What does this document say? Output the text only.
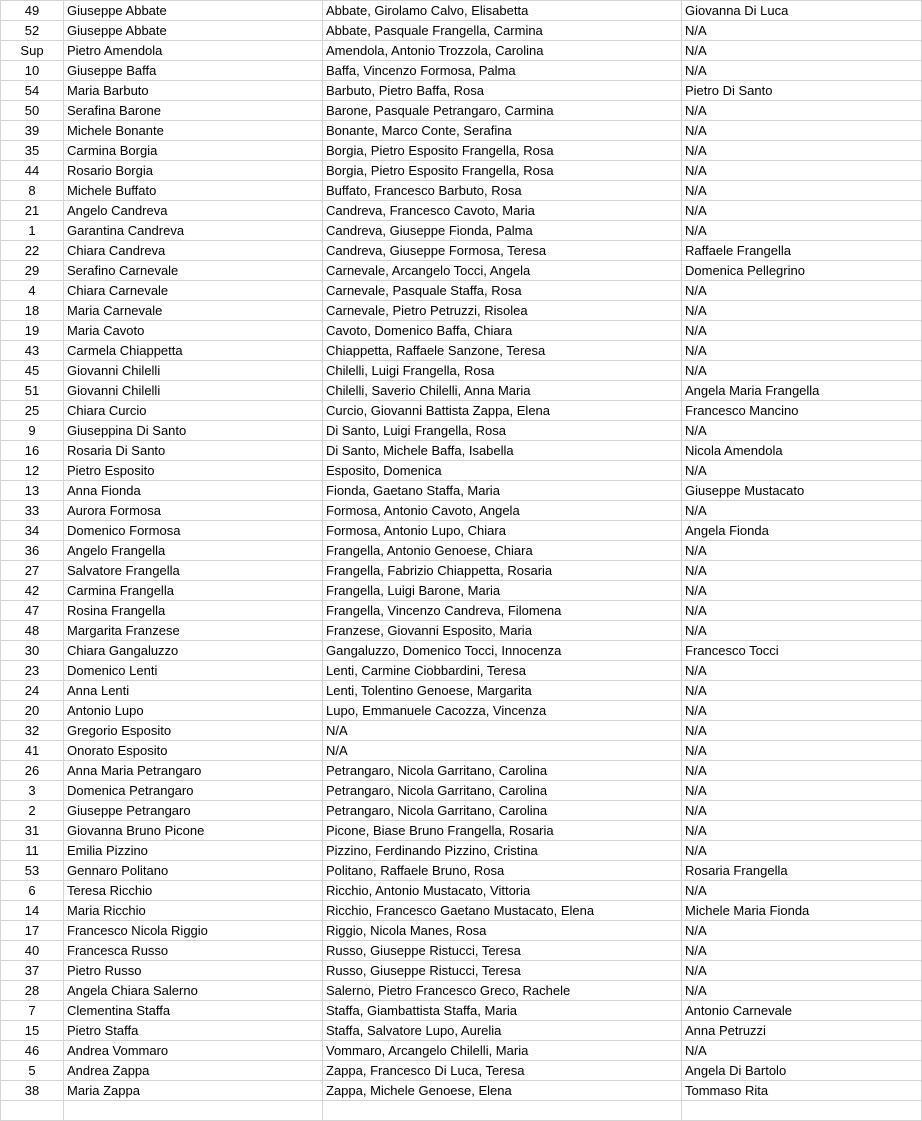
49	Giuseppe Abbate	Abbate, Girolamo Calvo, Elisabetta	Giovanna Di Luca
52	Giuseppe Abbate	Abbate, Pasquale Frangella, Carmina	N/A
Sup	Pietro Amendola	Amendola, Antonio Trozzola, Carolina	N/A
10	Giuseppe Baffa	Baffa, Vincenzo Formosa, Palma	N/A
54	Maria Barbuto	Barbuto, Pietro Baffa, Rosa	Pietro Di Santo
50	Serafina Barone	Barone, Pasquale Petrangaro, Carmina	N/A
39	Michele Bonante	Bonante, Marco Conte, Serafina	N/A
35	Carmina Borgia	Borgia, Pietro Esposito Frangella, Rosa	N/A
44	Rosario Borgia	Borgia, Pietro Esposito Frangella, Rosa	N/A
8	Michele Buffato	Buffato, Francesco Barbuto, Rosa	N/A
21	Angelo Candreva	Candreva, Francesco Cavoto, Maria	N/A
1	Garantina Candreva	Candreva, Giuseppe Fionda, Palma	N/A
22	Chiara Candreva	Candreva, Giuseppe Formosa, Teresa	Raffaele Frangella
29	Serafino Carnevale	Carnevale, Arcangelo Tocci, Angela	Domenica Pellegrino
4	Chiara Carnevale	Carnevale, Pasquale Staffa, Rosa	N/A
18	Maria Carnevale	Carnevale, Pietro Petruzzi, Risolea	N/A
19	Maria Cavoto	Cavoto, Domenico Baffa, Chiara	N/A
43	Carmela Chiappetta	Chiappetta, Raffaele Sanzone, Teresa	N/A
45	Giovanni Chilelli	Chilelli, Luigi Frangella, Rosa	N/A
51	Giovanni Chilelli	Chilelli, Saverio Chilelli, Anna Maria	Angela Maria Frangella
25	Chiara Curcio	Curcio, Giovanni Battista Zappa, Elena	Francesco Mancino
9	Giuseppina Di Santo	Di Santo, Luigi Frangella, Rosa	N/A
16	Rosaria Di Santo	Di Santo, Michele Baffa, Isabella	Nicola Amendola
12	Pietro Esposito	Esposito, Domenica	N/A
13	Anna Fionda	Fionda, Gaetano Staffa, Maria	Giuseppe Mustacato
33	Aurora Formosa	Formosa, Antonio Cavoto, Angela	N/A
34	Domenico Formosa	Formosa, Antonio Lupo, Chiara	Angela Fionda
36	Angelo Frangella	Frangella, Antonio Genoese, Chiara	N/A
27	Salvatore Frangella	Frangella, Fabrizio Chiappetta, Rosaria	N/A
42	Carmina Frangella	Frangella, Luigi Barone, Maria	N/A
47	Rosina Frangella	Frangella, Vincenzo Candreva, Filomena	N/A
48	Margarita Franzese	Franzese, Giovanni Esposito, Maria	N/A
30	Chiara Gangaluzzo	Gangaluzzo, Domenico Tocci, Innocenza	Francesco Tocci
23	Domenico Lenti	Lenti, Carmine Ciobbardini, Teresa	N/A
24	Anna Lenti	Lenti, Tolentino Genoese, Margarita	N/A
20	Antonio Lupo	Lupo, Emmanuele Cacozza, Vincenza	N/A
32	Gregorio Esposito	N/A	N/A
41	Onorato Esposito	N/A	N/A
26	Anna Maria Petrangaro	Petrangaro, Nicola Garritano, Carolina	N/A
3	Domenica Petrangaro	Petrangaro, Nicola Garritano, Carolina	N/A
2	Giuseppe Petrangaro	Petrangaro, Nicola Garritano, Carolina	N/A
31	Giovanna Bruno Picone	Picone, Biase Bruno Frangella, Rosaria	N/A
11	Emilia Pizzino	Pizzino, Ferdinando Pizzino, Cristina	N/A
53	Gennaro Politano	Politano, Raffaele Bruno, Rosa	Rosaria Frangella
6	Teresa Ricchio	Ricchio, Antonio Mustacato, Vittoria	N/A
14	Maria Ricchio	Ricchio, Francesco Gaetano Mustacato, Elena	Michele Maria Fionda
17	Francesco Nicola Riggio	Riggio, Nicola Manes, Rosa	N/A
40	Francesca Russo	Russo, Giuseppe Ristucci, Teresa	N/A
37	Pietro Russo	Russo, Giuseppe Ristucci, Teresa	N/A
28	Angela Chiara Salerno	Salerno, Pietro Francesco Greco, Rachele	N/A
7	Clementina Staffa	Staffa, Giambattista Staffa, Maria	Antonio Carnevale
15	Pietro Staffa	Staffa, Salvatore Lupo, Aurelia	Anna Petruzzi
46	Andrea Vommaro	Vommaro, Arcangelo Chilelli, Maria	N/A
5	Andrea Zappa	Zappa, Francesco Di Luca, Teresa	Angela Di Bartolo
38	Maria Zappa	Zappa, Michele Genoese, Elena	Tommaso Rita
